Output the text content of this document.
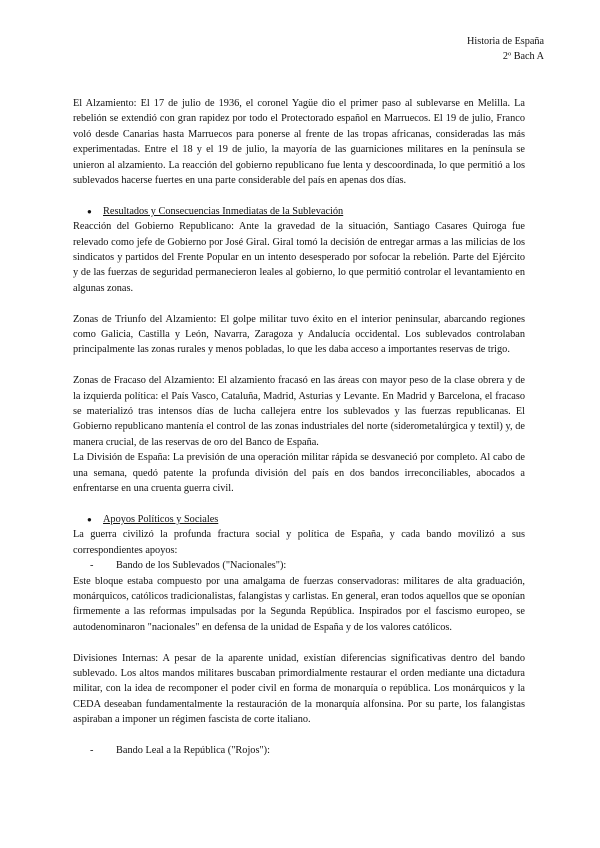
Historia de España
2º Bach A

El Alzamiento: El 17 de julio de 1936, el coronel Yagüe dio el primer paso al sublevarse en Melilla. La rebelión se extendió con gran rapidez por todo el Protectorado español en Marruecos. El 19 de julio, Franco voló desde Canarias hasta Marruecos para ponerse al frente de las tropas africanas, consideradas las más experimentadas. Entre el 18 y el 19 de julio, la mayoría de las guarniciones militares en la península se unieron al alzamiento. La reacción del gobierno republicano fue lenta y descoordinada, lo que permitió a los sublevados hacerse fuertes en una parte considerable del país en apenas dos días.

●	Resultados y Consecuencias Inmediatas de la Sublevación

Reacción del Gobierno Republicano: Ante la gravedad de la situación, Santiago Casares Quiroga fue relevado como jefe de Gobierno por José Giral. Giral tomó la decisión de entregar armas a las milicias de los sindicatos y partidos del Frente Popular en un intento desesperado por sofocar la rebelión. Parte del Ejército y de las fuerzas de seguridad permanecieron leales al gobierno, lo que permitió controlar el levantamiento en algunas zonas.

Zonas de Triunfo del Alzamiento: El golpe militar tuvo éxito en el interior peninsular, abarcando regiones como Galicia, Castilla y León, Navarra, Zaragoza y Andalucía occidental. Los sublevados controlaban principalmente las zonas rurales y menos pobladas, lo que les daba acceso a importantes reservas de trigo.

Zonas de Fracaso del Alzamiento: El alzamiento fracasó en las áreas con mayor peso de la clase obrera y de la izquierda política: el País Vasco, Cataluña, Madrid, Asturias y Levante. En Madrid y Barcelona, el fracaso se materializó tras intensos días de lucha callejera entre los sublevados y las fuerzas republicanas. El Gobierno republicano mantenía el control de las zonas industriales del norte (siderometalúrgica y textil) y, de manera crucial, de las reservas de oro del Banco de España.

La División de España: La previsión de una operación militar rápida se desvaneció por completo. Al cabo de una semana, quedó patente la profunda división del país en dos bandos irreconciliables, abocados a enfrentarse en una cruenta guerra civil.

●	Apoyos Políticos y Sociales

La guerra civilizó la profunda fractura social y política de España, y cada bando movilizó a sus correspondientes apoyos:

-	Bando de los Sublevados ("Nacionales"):

Este bloque estaba compuesto por una amalgama de fuerzas conservadoras: militares de alta graduación, monárquicos, católicos tradicionalistas, falangistas y carlistas. En general, eran todos aquellos que se oponían firmemente a las reformas impulsadas por la Segunda República. Inspirados por el fascismo europeo, se autodenominaron "nacionales" en defensa de la unidad de España y de los valores católicos.

Divisiones Internas: A pesar de la aparente unidad, existían diferencias significativas dentro del bando sublevado. Los altos mandos militares buscaban primordialmente restaurar el orden mediante una dictadura militar, con la idea de recomponer el poder civil en forma de monarquía o república. Los monárquicos y la CEDA deseaban fundamentalmente la restauración de la monarquía alfonsina. Por su parte, los falangistas aspiraban a imponer un régimen fascista de corte italiano.

-	Bando Leal a la República ("Rojos"):
